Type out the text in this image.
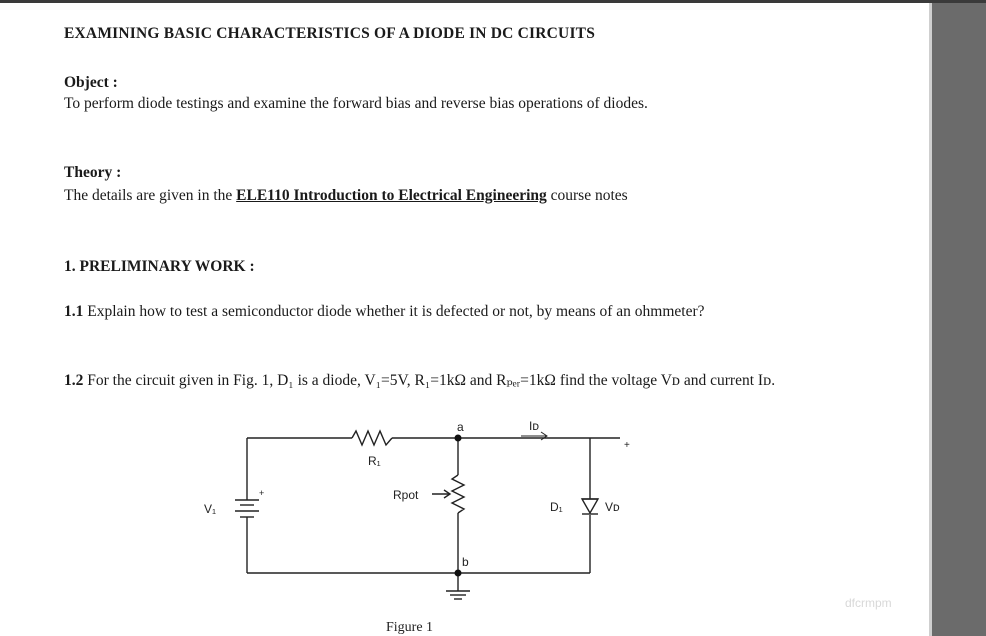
EXAMINING BASIC CHARACTERISTICS OF A DIODE IN DC CIRCUITS
Object :
To perform diode testings and examine the forward bias and reverse bias operations of diodes.
Theory :
The details are given in the ELE110 Introduction to Electrical Engineering course notes
1. PRELIMINARY WORK :
1.1 Explain how to test a semiconductor diode whether it is defected or not, by means of an ohmmeter?
1.2 For the circuit given in Fig. 1, D₁ is a diode, V₁=5V, R₁=1kΩ and Rₚₑᵣ=1kΩ find the voltage Vᴅ and current Iᴅ.
a
b
Iᴅ
R₁
Rpot
V₁	D₁	Vᴅ
+
+
Figure 1
dfcrmpm
